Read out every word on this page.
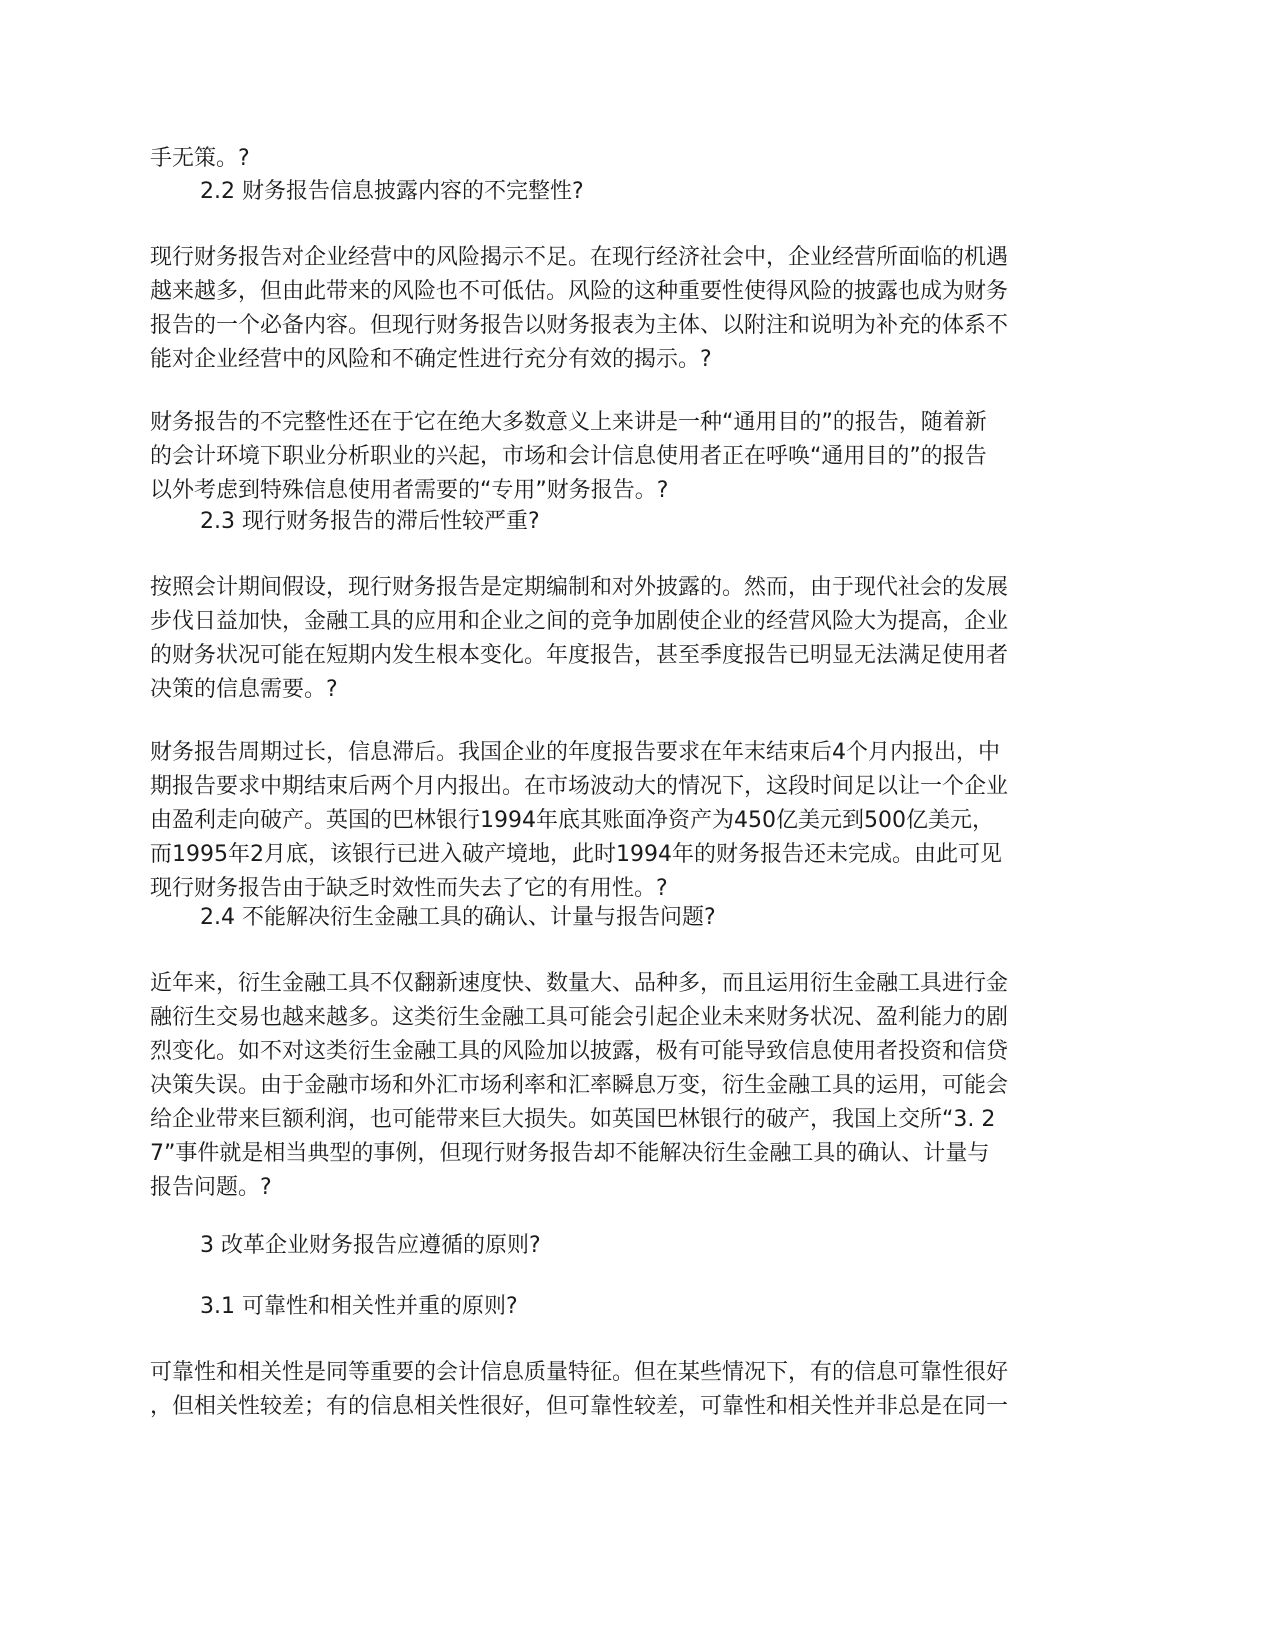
手无策。?

2.2 财务报告信息披露内容的不完整性?

现行财务报告对企业经营中的风险揭示不足。在现行经济社会中，企业经营所面临的机遇
越来越多，但由此带来的风险也不可低估。风险的这种重要性使得风险的披露也成为财务
报告的一个必备内容。但现行财务报告以财务报表为主体、以附注和说明为补充的体系不
能对企业经营中的风险和不确定性进行充分有效的揭示。?

财务报告的不完整性还在于它在绝大多数意义上来讲是一种“通用目的”的报告，随着新
的会计环境下职业分析职业的兴起，市场和会计信息使用者正在呼唤“通用目的”的报告
以外考虑到特殊信息使用者需要的“专用”财务报告。?

2.3 现行财务报告的滞后性较严重?

按照会计期间假设，现行财务报告是定期编制和对外披露的。然而，由于现代社会的发展
步伐日益加快，金融工具的应用和企业之间的竞争加剧使企业的经营风险大为提高，企业
的财务状况可能在短期内发生根本变化。年度报告，甚至季度报告已明显无法满足使用者
决策的信息需要。?

财务报告周期过长，信息滞后。我国企业的年度报告要求在年末结束后4个月内报出，中
期报告要求中期结束后两个月内报出。在市场波动大的情况下，这段时间足以让一个企业
由盈利走向破产。英国的巴林银行1994年底其账面净资产为450亿美元到500亿美元，
而1995年2月底，该银行已进入破产境地，此时1994年的财务报告还未完成。由此可见
现行财务报告由于缺乏时效性而失去了它的有用性。?

2.4 不能解决衍生金融工具的确认、计量与报告问题?

近年来，衍生金融工具不仅翻新速度快、数量大、品种多，而且运用衍生金融工具进行金
融衍生交易也越来越多。这类衍生金融工具可能会引起企业未来财务状况、盈利能力的剧
烈变化。如不对这类衍生金融工具的风险加以披露，极有可能导致信息使用者投资和信贷
决策失误。由于金融市场和外汇市场利率和汇率瞬息万变，衍生金融工具的运用，可能会
给企业带来巨额利润，也可能带来巨大损失。如英国巴林银行的破产，我国上交所“3. 2
7”事件就是相当典型的事例，但现行财务报告却不能解决衍生金融工具的确认、计量与
报告问题。?

3 改革企业财务报告应遵循的原则?

3.1 可靠性和相关性并重的原则?

可靠性和相关性是同等重要的会计信息质量特征。但在某些情况下，有的信息可靠性很好
，但相关性较差；有的信息相关性很好，但可靠性较差，可靠性和相关性并非总是在同一
